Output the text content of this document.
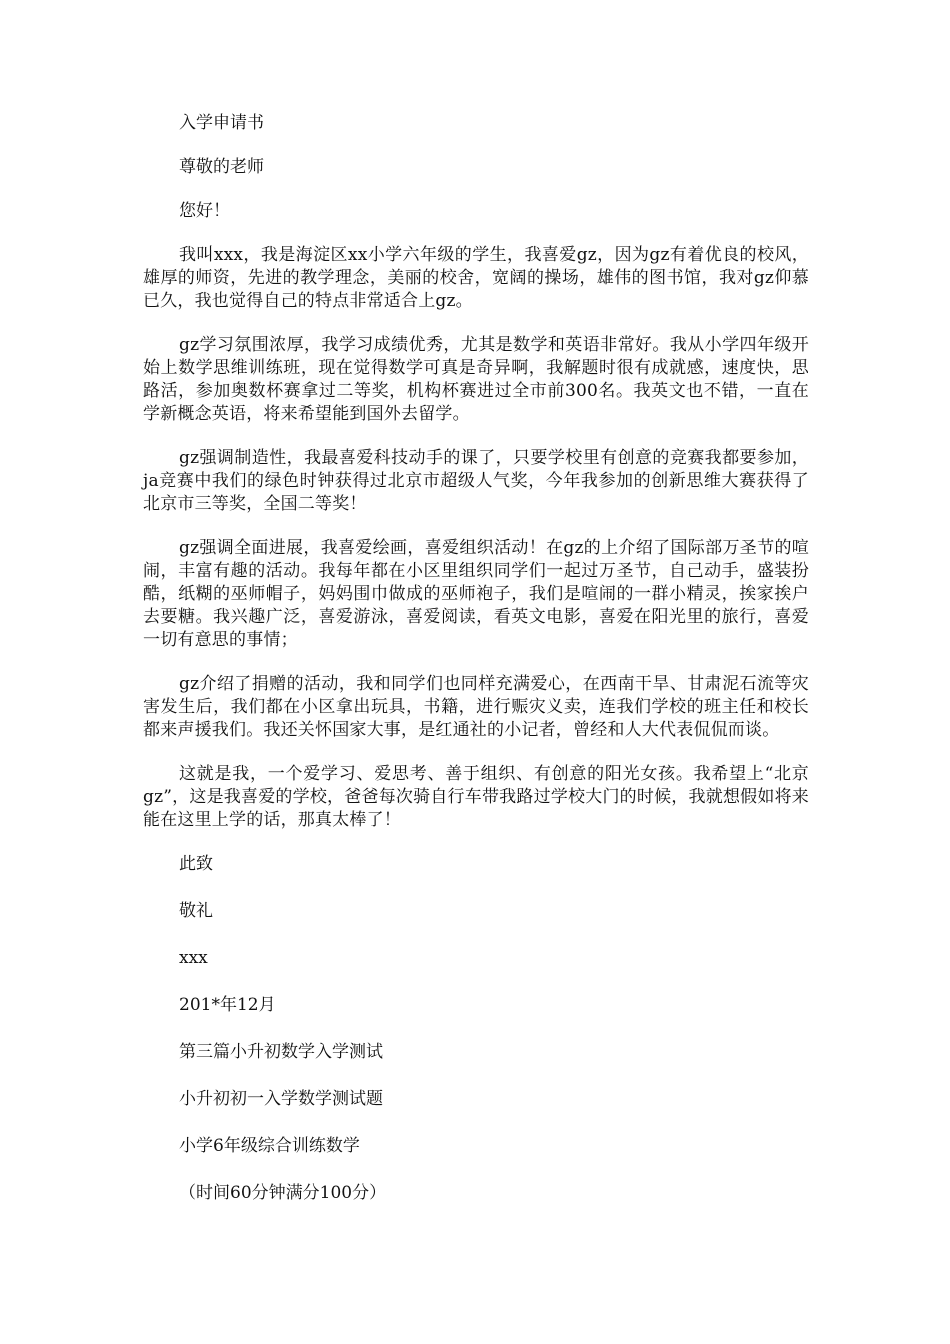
入学申请书

尊敬的老师

您好！

我叫xxx，我是海淀区xx小学六年级的学生，我喜爱gz，因为gz有着优良的校风，雄厚的师资，先进的教学理念，美丽的校舍，宽阔的操场，雄伟的图书馆，我对gz仰慕已久，我也觉得自己的特点非常适合上gz。

gz学习氛围浓厚，我学习成绩优秀，尤其是数学和英语非常好。我从小学四年级开始上数学思维训练班，现在觉得数学可真是奇异啊，我解题时很有成就感，速度快，思路活，参加奥数杯赛拿过二等奖，机构杯赛进过全市前300名。我英文也不错，一直在学新概念英语，将来希望能到国外去留学。

gz强调制造性，我最喜爱科技动手的课了，只要学校里有创意的竞赛我都要参加，ja竞赛中我们的绿色时钟获得过北京市超级人气奖，今年我参加的创新思维大赛获得了北京市三等奖，全国二等奖！

gz强调全面进展，我喜爱绘画，喜爱组织活动！在gz的上介绍了国际部万圣节的喧闹，丰富有趣的活动。我每年都在小区里组织同学们一起过万圣节，自己动手，盛装扮酷，纸糊的巫师帽子，妈妈围巾做成的巫师袍子，我们是喧闹的一群小精灵，挨家挨户去要糖。我兴趣广泛，喜爱游泳，喜爱阅读，看英文电影，喜爱在阳光里的旅行，喜爱一切有意思的事情；

gz介绍了捐赠的活动，我和同学们也同样充满爱心，在西南干旱、甘肃泥石流等灾害发生后，我们都在小区拿出玩具，书籍，进行赈灾义卖，连我们学校的班主任和校长都来声援我们。我还关怀国家大事，是红通社的小记者，曾经和人大代表侃侃而谈。

这就是我，一个爱学习、爱思考、善于组织、有创意的阳光女孩。我希望上“北京gz”，这是我喜爱的学校，爸爸每次骑自行车带我路过学校大门的时候，我就想假如将来能在这里上学的话，那真太棒了！

此致

敬礼

xxx

201*年12月

第三篇小升初数学入学测试

小升初初一入学数学测试题

小学6年级综合训练数学

（时间60分钟满分100分）
